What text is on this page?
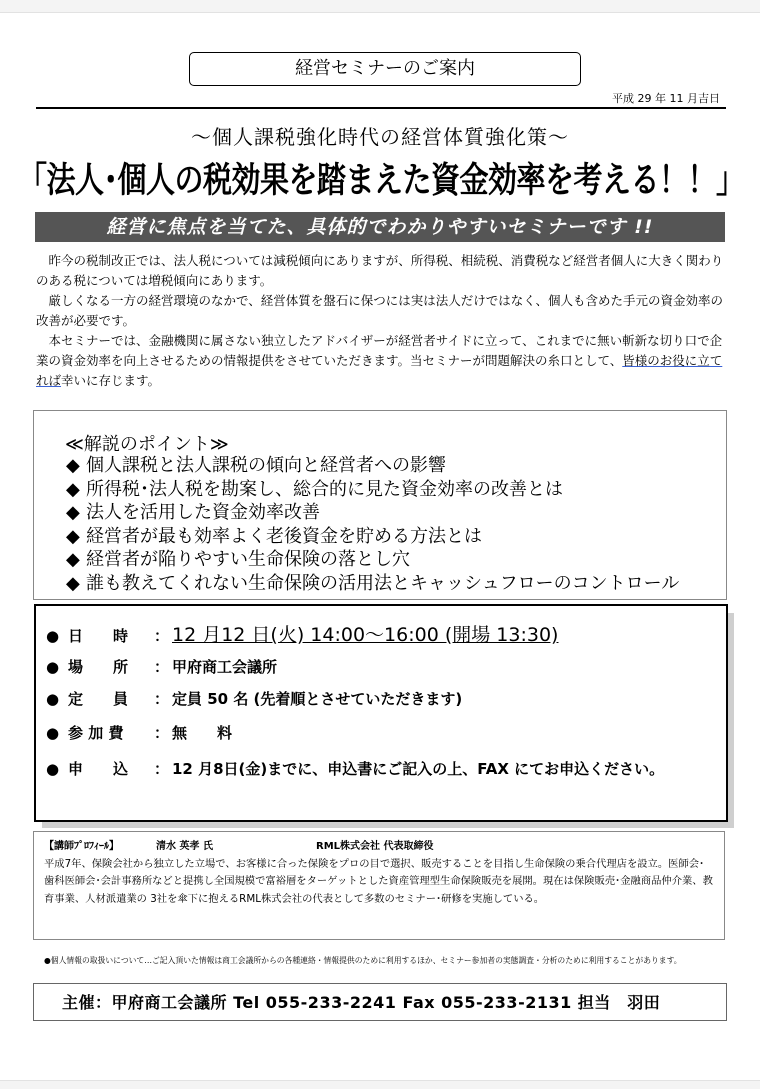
経営セミナーのご案内
平成 29 年 11 月吉日
～個人課税強化時代の経営体質強化策～
「法人･個人の税効果を踏まえた資金効率を考える！！」
経営に焦点を当てた、具体的でわかりやすいセミナーです !!

昨今の税制改正では、法人税については減税傾向にありますが、所得税、相続税、消費税など経営者個人に大きく関わりのある税については増税傾向にあります。

厳しくなる一方の経営環境のなかで、経営体質を盤石に保つには実は法人だけではなく、個人も含めた手元の資金効率の改善が必要です。

本セミナーでは、金融機関に属さない独立したアドバイザーが経営者サイドに立って、これまでに無い斬新な切り口で企業の資金効率を向上させるための情報提供をさせていただきます。当セミナーが問題解決の糸口として、皆様のお役に立てれば幸いに存じます。

≪解説のポイント≫
◆ 個人課税と法人課税の傾向と経営者への影響
◆ 所得税･法人税を勘案し、総合的に見た資金効率の改善とは
◆ 法人を活用した資金効率改善
◆ 経営者が最も効率よく老後資金を貯める方法とは
◆ 経営者が陥りやすい生命保険の落とし穴
◆ 誰も教えてくれない生命保険の活用法とキャッシュフローのコントロール
● 日　　時 ： 12 月12 日(火) 14:00～16:00 (開場 13:30)
● 場　　所 ： 甲府商工会議所
● 定　　員 ： 定員 50 名 (先着順とさせていただきます)
● 参 加 費 ： 無　　料
● 申　　込 ： 12 月8日(金)までに、申込書にご記入の上、FAX にてお申込ください。
【講師ﾌﾟﾛﾌｨｰﾙ】	清水 英孝 氏	RML株式会社 代表取締役
平成7年、保険会社から独立した立場で、お客様に合った保険をプロの目で選択、販売することを目指し生命保険の乗合代理店を設立。医師会･歯科医師会･会計事務所などと提携し全国規模で富裕層をターゲットとした資産管理型生命保険販売を展開。現在は保険販売･金融商品仲介業、教育事業、人材派遣業の 3社を傘下に抱えるRML株式会社の代表として多数のセミナー･研修を実施している。
●個人情報の取扱いについて…ご記入頂いた情報は商工会議所からの各種連絡・情報提供のために利用するほか、セミナー参加者の実態調査・分析のために利用することがあります。
主催：甲府商工会議所 Tel 055-233-2241 Fax 055-233-2131 担当　羽田
